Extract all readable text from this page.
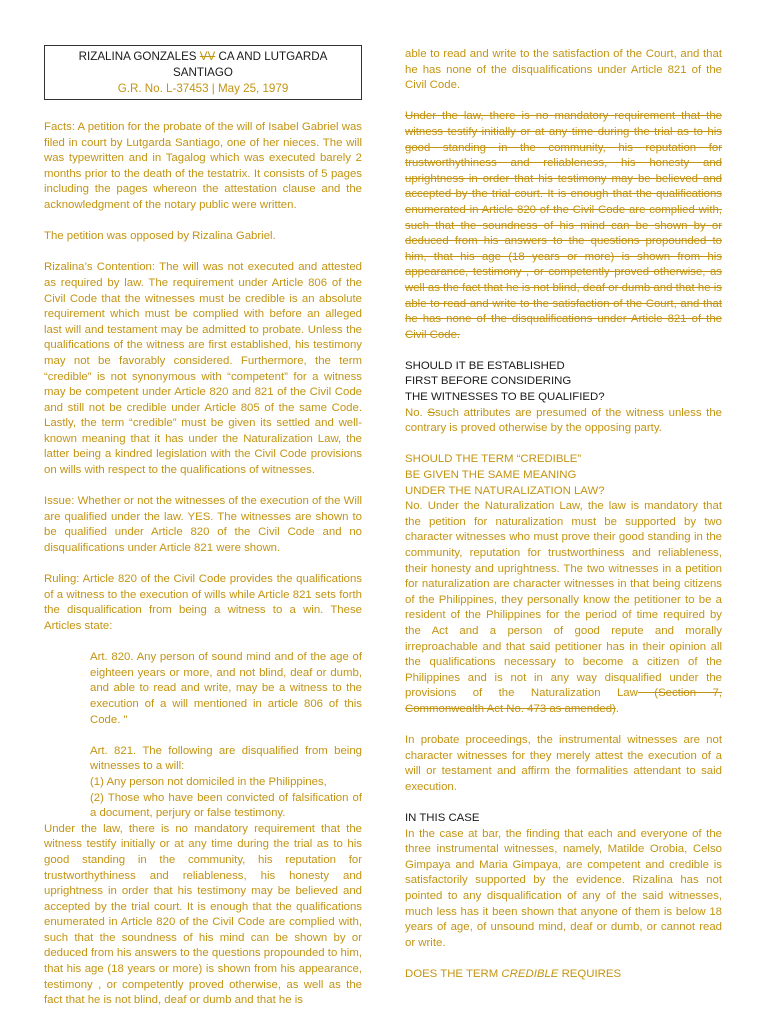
RIZALINA GONZALES VV CA AND LUTGARDA SANTIAGO
G.R. No. L-37453 | May 25, 1979

Facts: A petition for the probate of the will of Isabel Gabriel was filed in court by Lutgarda Santiago, one of her nieces. The will was typewritten and in Tagalog which was executed barely 2 months prior to the death of the testatrix. It consists of 5 pages including the pages whereon the attestation clause and the acknowledgment of the notary public were written.

The petition was opposed by Rizalina Gabriel.

Rizalina’s Contention: The will was not executed and attested as required by law. The requirement under Article 806 of the Civil Code that the witnesses must be credible is an absolute requirement which must be complied with before an alleged last will and testament may be admitted to probate. Unless the qualifications of the witness are first established, his testimony may not be favorably considered. Furthermore, the term “credible” is not synonymous with “competent” for a witness may be competent under Article 820 and 821 of the Civil Code and still not be credible under Article 805 of the same Code. Lastly, the term “credible” must be given its settled and well-known meaning that it has under the Naturalization Law, the latter being a kindred legislation with the Civil Code provisions on wills with respect to the qualifications of witnesses.

Issue: Whether or not the witnesses of the execution of the Will are qualified under the law. YES. The witnesses are shown to be qualified under Article 820 of the Civil Code and no disqualifications under Article 821 were shown.

Ruling: Article 820 of the Civil Code provides the qualifications of a witness to the execution of wills while Article 821 sets forth the disqualification from being a witness to a win. These Articles state:

Art. 820. Any person of sound mind and of the age of eighteen years or more, and not blind, deaf or dumb, and able to read and write, may be a witness to the execution of a will mentioned in article 806 of this Code. "

Art. 821. The following are disqualified from being witnesses to a will:
(1) Any person not domiciled in the Philippines,
(2) Those who have been convicted of falsification of a document, perjury or false testimony.

Under the law, there is no mandatory requirement that the witness testify initially or at any time during the trial as to his good standing in the community, his reputation for trustworthythiness and reliableness, his honesty and uprightness in order that his testimony may be believed and accepted by the trial court. It is enough that the qualifications enumerated in Article 820 of the Civil Code are complied with, such that the soundness of his mind can be shown by or deduced from his answers to the questions propounded to him, that his age (18 years or more) is shown from his appearance, testimony , or competently proved otherwise, as well as the fact that he is not blind, deaf or dumb and that he is

able to read and write to the satisfaction of the Court, and that he has none of the disqualifications under Article 821 of the Civil Code.

Under the law, there is no mandatory requirement that the witness testify initially or at any time during the trial as to his good standing in the community, his reputation for trustworthythiness and reliableness, his honesty and uprightness in order that his testimony may be believed and accepted by the trial court. It is enough that the qualifications enumerated in Article 820 of the Civil Code are complied with, such that the soundness of his mind can be shown by or deduced from his answers to the questions propounded to him, that his age (18 years or more) is shown from his appearance, testimony , or competently proved otherwise, as well as the fact that he is not blind, deaf or dumb and that he is able to read and write to the satisfaction of the Court, and that he has none of the disqualifications under Article 821 of the Civil Code.

SHOULD IT BE ESTABLISHED
FIRST BEFORE CONSIDERING
THE WITNESSES TO BE QUALIFIED?

No. Ssuch attributes are presumed of the witness unless the contrary is proved otherwise by the opposing party.

SHOULD THE TERM “CREDIBLE”
BE GIVEN THE SAME MEANING
UNDER THE NATURALIZATION LAW?

No. Under the Naturalization Law, the law is mandatory that the petition for naturalization must be supported by two character witnesses who must prove their good standing in the community, reputation for trustworthiness and reliableness, their honesty and uprightness. The two witnesses in a petition for naturalization are character witnesses in that being citizens of the Philippines, they personally know the petitioner to be a resident of the Philippines for the period of time required by the Act and a person of good repute and morally irreproachable and that said petitioner has in their opinion all the qualifications necessary to become a citizen of the Philippines and is not in any way disqualified under the provisions of the Naturalization Law (Section 7, Commonwealth Act No. 473 as amended).

In probate proceedings, the instrumental witnesses are not character witnesses for they merely attest the execution of a will or testament and affirm the formalities attendant to said execution.

IN THIS CASE

In the case at bar, the finding that each and everyone of the three instrumental witnesses, namely, Matilde Orobia, Celso Gimpaya and Maria Gimpaya, are competent and credible is satisfactorily supported by the evidence. Rizalina has not pointed to any disqualification of any of the said witnesses, much less has it been shown that anyone of them is below 18 years of age, of unsound mind, deaf or dumb, or cannot read or write.

DOES THE TERM CREDIBLE REQUIRES
